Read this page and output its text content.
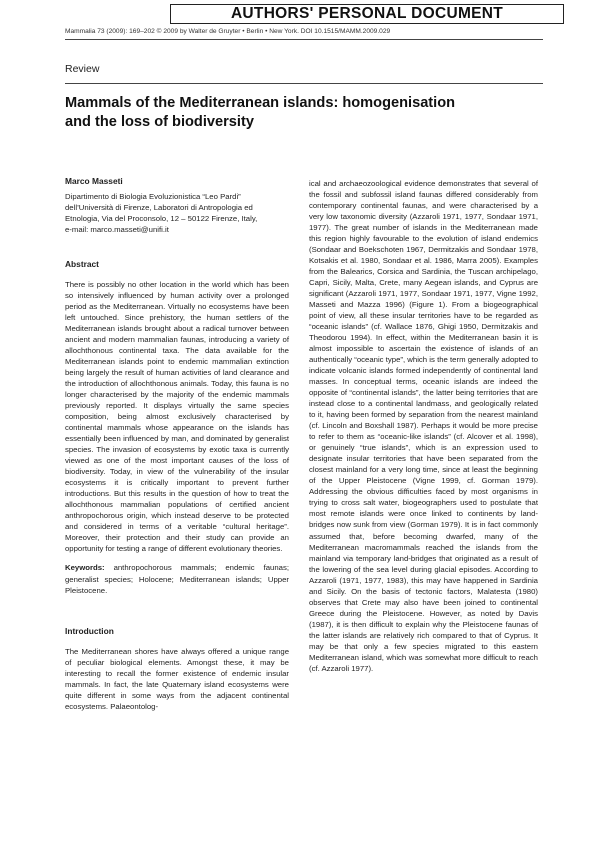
AUTHORS' PERSONAL DOCUMENT
Mammalia 73 (2009): 169–202 © 2009 by Walter de Gruyter • Berlin • New York. DOI 10.1515/MAMM.2009.029
Review
Mammals of the Mediterranean islands: homogenisation and the loss of biodiversity
Marco Masseti
Dipartimento di Biologia Evoluzionistica “Leo Pardi”
dell’Università di Firenze, Laboratori di Antropologia ed
Etnologia, Via del Proconsolo, 12 – 50122 Firenze, Italy,
e-mail: marco.masseti@unifi.it
Abstract

There is possibly no other location in the world which has been so intensively influenced by human activity over a prolonged period as the Mediterranean. Virtually no ecosystems have been left untouched. Since prehistory, the human settlers of the Mediterranean islands brought about a radical turnover between ancient and modern mammalian faunas, introducing a variety of allochthonous continental taxa. The data available for the Mediterranean islands point to endemic mammalian extinction being largely the result of human activities of land clearance and the introduction of allochthonous animals. Today, this fauna is no longer characterised by the majority of the endemic mammals previously reported. It displays virtually the same species composition, being almost exclusively characterised by continental mammals whose appearance on the islands has essentially been influenced by man, and dominated by generalist species. The invasion of ecosystems by exotic taxa is currently viewed as one of the most important causes of the loss of biodiversity. Today, in view of the vulnerability of the insular ecosystems it is critically important to prevent further introductions. But this results in the question of how to treat the allochthonous mammalian populations of certified ancient anthropochorous origin, which instead deserve to be protected and considered in terms of a veritable “cultural heritage”. Moreover, their protection and their study can provide an opportunity for testing a range of different evolutionary theories.

Keywords: anthropochorous mammals; endemic faunas; generalist species; Holocene; Mediterranean islands; Upper Pleistocene.

Introduction

The Mediterranean shores have always offered a unique range of peculiar biological elements. Amongst these, it may be interesting to recall the former existence of endemic insular mammals. In fact, the late Quaternary island ecosystems were quite different in some ways from the adjacent continental ecosystems. Palaeontolog-

ical and archaeozoological evidence demonstrates that several of the fossil and subfossil island faunas differed considerably from contemporary continental faunas, and were characterised by a very low taxonomic diversity (Azzaroli 1971, 1977, Sondaar 1971, 1977). The great number of islands in the Mediterranean made this region highly favourable to the evolution of island endemics (Sondaar and Boekschoten 1967, Dermitzakis and Sondaar 1978, Kotsakis et al. 1980, Sondaar et al. 1986, Marra 2005). Examples from the Balearics, Corsica and Sardinia, the Tuscan archipelago, Capri, Sicily, Malta, Crete, many Aegean islands, and Cyprus are significant (Azzaroli 1971, 1977, Sondaar 1971, 1977, Vigne 1992, Masseti and Mazza 1996) (Figure 1). From a biogeographical point of view, all these insular territories have to be regarded as “oceanic islands” (cf. Wallace 1876, Ghigi 1950, Dermitzakis and Theodorou 1994). In effect, within the Mediterranean basin it is almost impossible to ascertain the existence of islands of an authentically “oceanic type”, which is the term generally adopted to indicate volcanic islands formed independently of continental land masses. In conceptual terms, oceanic islands are indeed the opposite of “continental islands”, the latter being territories that are instead close to a continental landmass, and geologically related to it, having been formed by separation from the nearest mainland (cf. Lincoln and Boxshall 1987). Perhaps it would be more precise to refer to them as “oceanic-like islands” (cf. Alcover et al. 1998), or genuinely “true islands”, which is an expression used to designate insular territories that have been separated from the closest mainland for a very long time, since at least the beginning of the Upper Pleistocene (Vigne 1999, cf. Gorman 1979). Addressing the obvious difficulties faced by most organisms in trying to cross salt water, biogeographers used to postulate that most remote islands were once linked to continents by land-bridges now sunk from view (Gorman 1979). It is in fact commonly assumed that, before becoming dwarfed, many of the Mediterranean macromammals reached the islands from the mainland via temporary land-bridges that originated as a result of the lowering of the sea level during glacial episodes. According to Azzaroli (1971, 1977, 1983), this may have happened in Sardinia and Sicily. On the basis of tectonic factors, Malatesta (1980) observes that Crete may also have been joined to continental Greece during the Pleistocene. However, as noted by Davis (1987), it is then difficult to explain why the Pleistocene faunas of the latter islands are relatively rich compared to that of Cyprus. It may be that only a few species migrated to this eastern Mediterranean island, which was somewhat more difficult to reach (cf. Azzaroli 1977).
